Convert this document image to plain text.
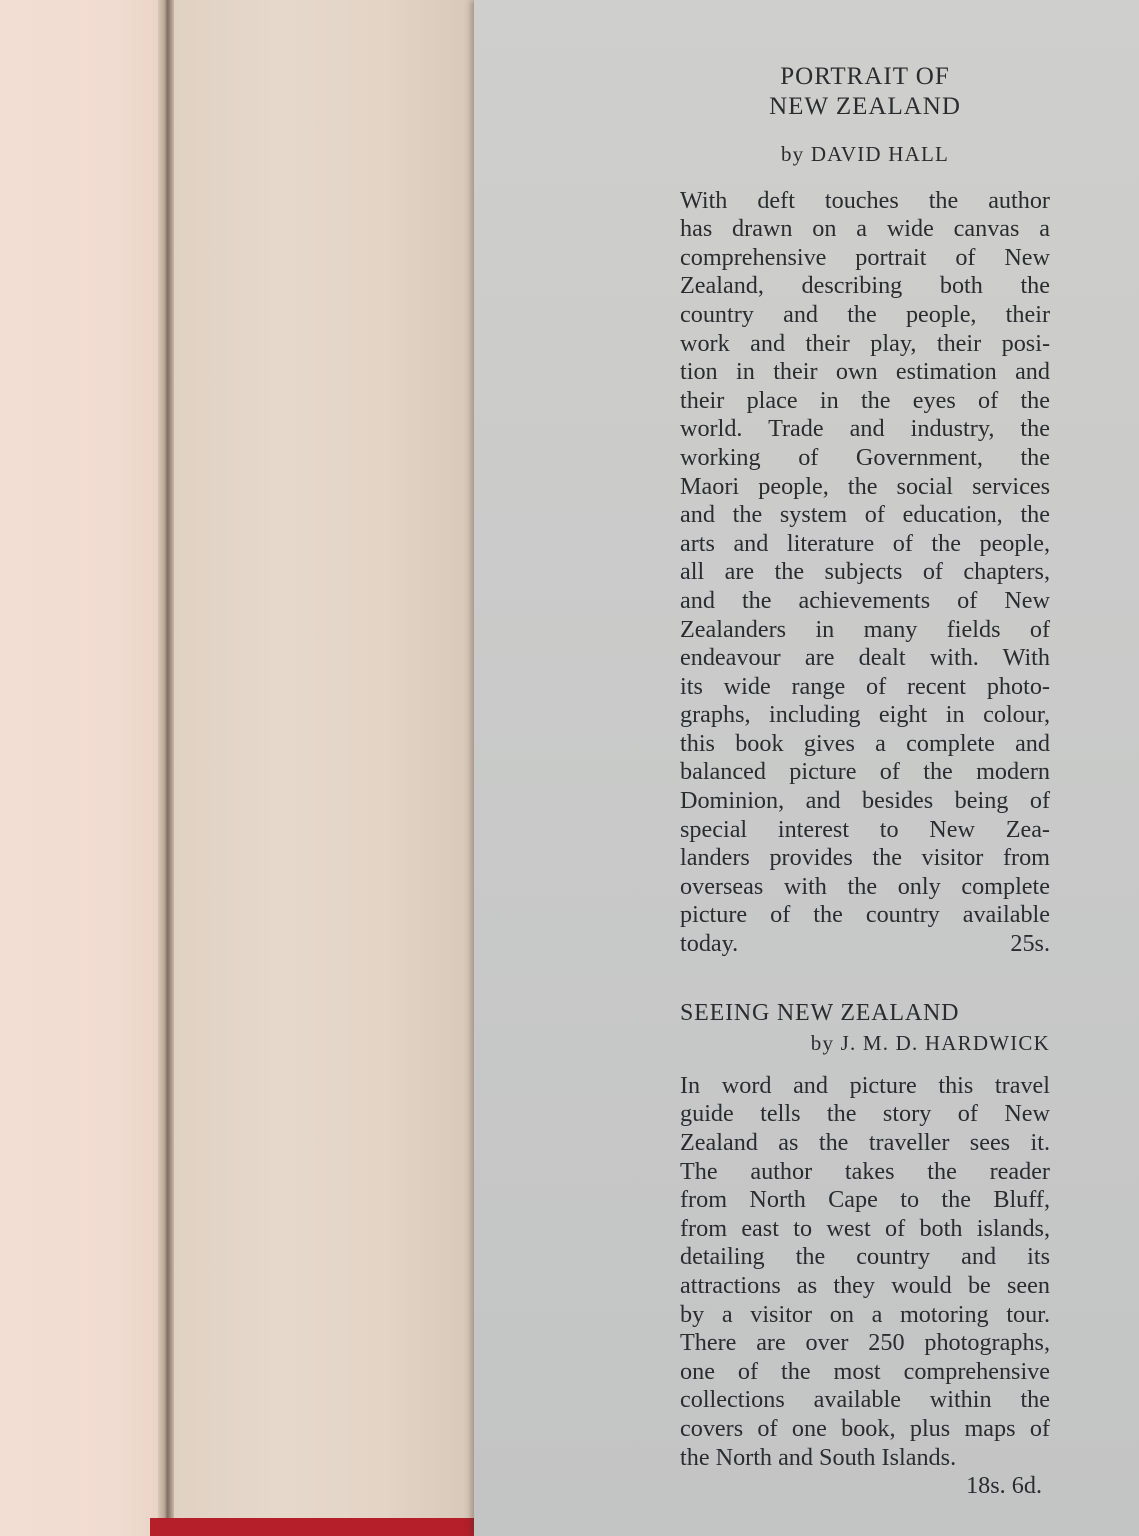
PORTRAIT OF
NEW ZEALAND

by DAVID HALL

With deft touches the author
has drawn on a wide canvas a
comprehensive portrait of New
Zealand, describing both the
country and the people, their
work and their play, their posi-
tion in their own estimation and
their place in the eyes of the
world. Trade and industry, the
working of Government, the
Maori people, the social services
and the system of education, the
arts and literature of the people,
all are the subjects of chapters,
and the achievements of New
Zealanders in many fields of
endeavour are dealt with. With
its wide range of recent photo-
graphs, including eight in colour,
this book gives a complete and
balanced picture of the modern
Dominion, and besides being of
special interest to New Zea-
landers provides the visitor from
overseas with the only complete
picture of the country available

today.	25s.

SEEING NEW ZEALAND

by J. M. D. HARDWICK

In word and picture this travel
guide tells the story of New
Zealand as the traveller sees it.
The author takes the reader
from North Cape to the Bluff,
from east to west of both islands,
detailing the country and its
attractions as they would be seen
by a visitor on a motoring tour.
There are over 250 photographs,
one of the most comprehensive
collections available within the
covers of one book, plus maps of
the North and South Islands.

18s. 6d.
